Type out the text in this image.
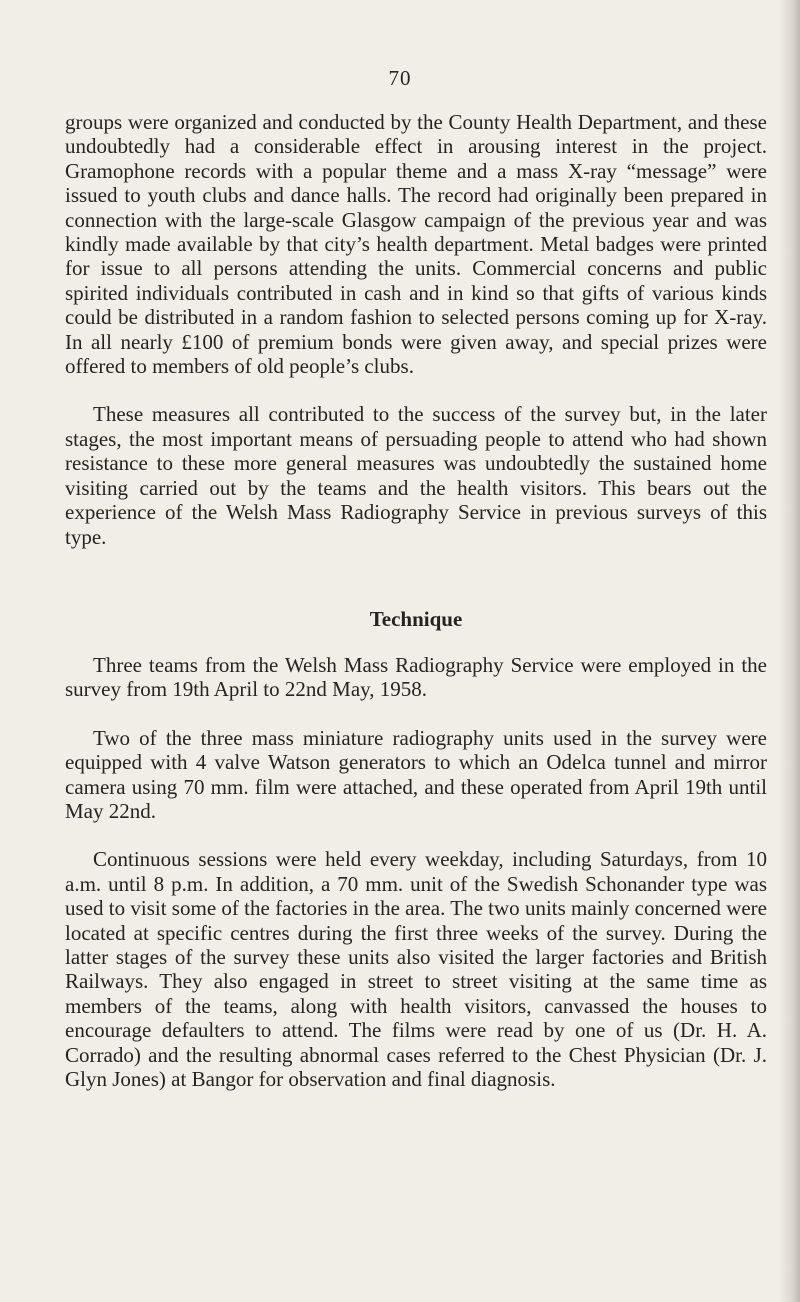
70

groups were organized and conducted by the County Health Department, and these undoubtedly had a considerable effect in arousing interest in the project. Gramophone records with a popular theme and a mass X-ray “message” were issued to youth clubs and dance halls. The record had originally been prepared in connection with the large-scale Glasgow campaign of the previous year and was kindly made available by that city’s health department. Metal badges were printed for issue to all persons attending the units. Commercial concerns and public spirited individuals contributed in cash and in kind so that gifts of various kinds could be distributed in a random fashion to selected persons coming up for X-ray. In all nearly £100 of premium bonds were given away, and special prizes were offered to members of old people’s clubs.

These measures all contributed to the success of the survey but, in the later stages, the most important means of persuading people to attend who had shown resistance to these more general measures was undoubtedly the sustained home visiting carried out by the teams and the health visitors. This bears out the experience of the Welsh Mass Radiography Service in previous surveys of this type.

Technique

Three teams from the Welsh Mass Radiography Service were employed in the survey from 19th April to 22nd May, 1958.

Two of the three mass miniature radiography units used in the survey were equipped with 4 valve Watson generators to which an Odelca tunnel and mirror camera using 70 mm. film were attached, and these operated from April 19th until May 22nd.

Continuous sessions were held every weekday, including Saturdays, from 10 a.m. until 8 p.m. In addition, a 70 mm. unit of the Swedish Schonander type was used to visit some of the factories in the area. The two units mainly concerned were located at specific centres during the first three weeks of the survey. During the latter stages of the survey these units also visited the larger factories and British Railways. They also engaged in street to street visiting at the same time as members of the teams, along with health visitors, canvassed the houses to encourage defaulters to attend. The films were read by one of us (Dr. H. A. Corrado) and the resulting abnormal cases referred to the Chest Physician (Dr. J. Glyn Jones) at Bangor for observation and final diagnosis.
